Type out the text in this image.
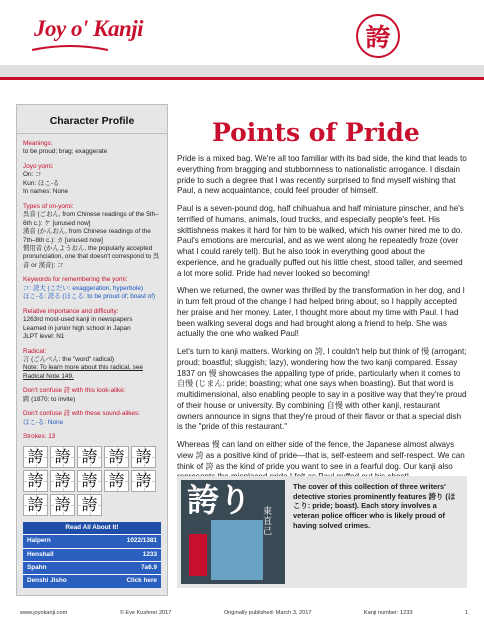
Joy o' Kanji	誇
Character Profile
Meanings:
to be proud; brag; exaggerate
Joyo yomi:
On: コ
Kun: ほこ-る
In names: None
Types of on-yomi:
呉音 (ごおん, from Chinese readings of the 5th–6th c.): ケ [unused now]
漢音 (かんおん, from Chinese readings of the 7th–8th c.): カ [unused now]
慣用音 (かんようおん, the popularly accepted pronunciation, one that doesn't correspond to 呉音 or 漢音): コ
Keywords for remembering the yomi:
コ: 誇大 (こだい: exaggeration, hyperbole)
ほこ-る: 誇る (ほこる: to be proud of; boast of)
Relative importance and difficulty:
1263rd most-used kanji in newspapers
Learned in junior high school in Japan
JLPT level: N1
Radical:
言 (ごんべん: the "word" radical)
Note: To learn more about this radical, see Radical Note 149.
Don't confuse 誇 with this look-alike:
跨 (1870: to invite)
Don't confuse 誇 with these sound-alikes:
ほこ-る: None
Strokes: 13
誇 誇 誇 誇 誇
誇 誇 誇 誇 誇
誇 誇 誇
Read All About It!
Halpern	1022/1381
Henshall	1233
Spahn	7a6.9
Denshi Jisho	Click here
Points of Pride

Pride is a mixed bag. We're all too familiar with its bad side, the kind that leads to everything from bragging and stubbornness to nationalistic arrogance. I disdain pride to such a degree that I was recently surprised to find myself wishing that Paul, a new acquaintance, could feel prouder of himself.

Paul is a seven-pound dog, half chihuahua and half miniature pinscher, and he's terrified of humans, animals, loud trucks, and especially people's feet. His skittishness makes it hard for him to be walked, which his owner hired me to do. Paul's emotions are mercurial, and as we went along he repeatedly froze (over what I could rarely tell). But he also took in everything good about the experience, and he gradually puffed out his little chest, stood taller, and seemed a lot more solid. Pride had never looked so becoming!

When we returned, the owner was thrilled by the transformation in her dog, and I in turn felt proud of the change I had helped bring about, so I happily accepted her praise and her money. Later, I thought more about my time with Paul. I had been walking several dogs and had brought along a friend to help. She was actually the one who walked Paul!

Let's turn to kanji matters. Working on 誇, I couldn't help but think of 慢 (arrogant; proud; boastful; sluggish; lazy), wondering how the two kanji compared. Essay 1837 on 慢 showcases the appalling type of pride, particularly when it comes to 自慢 (じまん: pride; boasting; what one says when boasting). But that word is multidimensional, also enabling people to say in a positive way that they're proud of their house or university. By combining 自慢 with other kanji, restaurant owners announce in signs that they're proud of their flavor or that a special dish is the "pride of this restaurant."

Whereas 慢 can land on either side of the fence, the Japanese almost always view 誇 as a positive kind of pride—that is, self-esteem and self-respect. We can think of 誇 as the kind of pride you want to see in a fearful dog. Our kanji also

誇り 東直己
The cover of this collection of three writers' detective stories prominently features 誇り (ほこり: pride; boast). Each story involves a veteran police officer who is likely proud of having solved crimes.
www.joyokanji.com	© Eve Kushner 2017	Originally published: March 3, 2017	Kanji number: 1233	1
